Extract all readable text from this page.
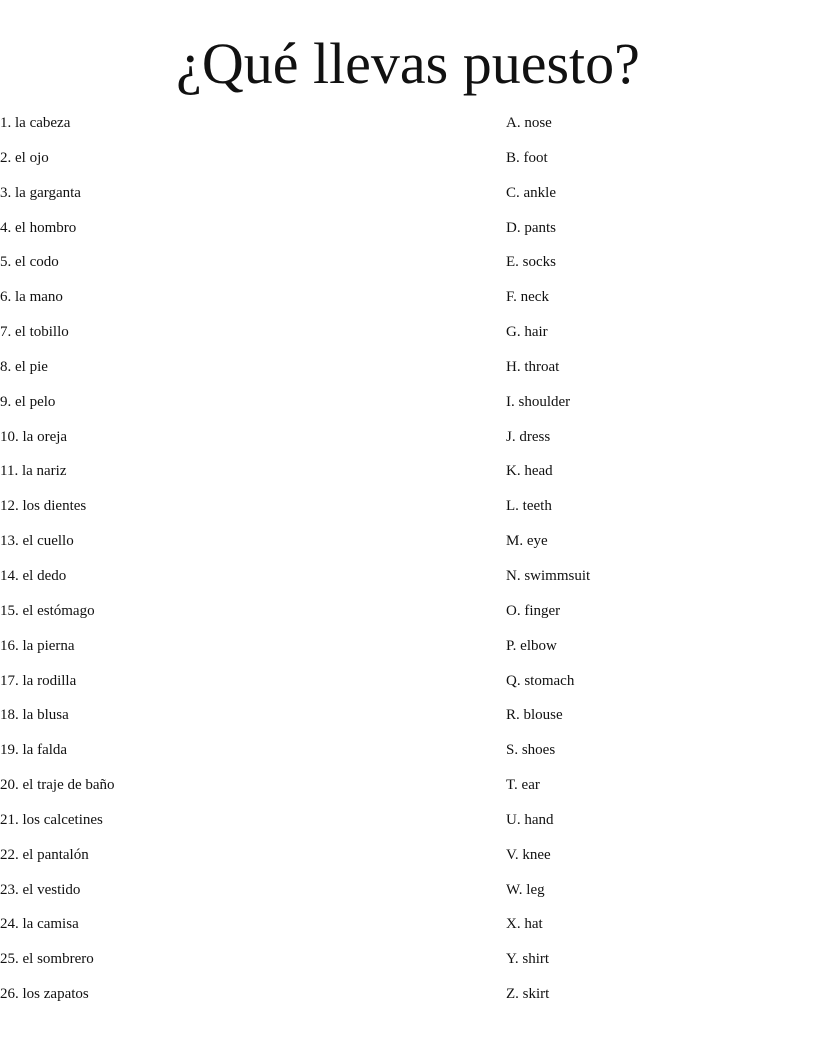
¿Qué llevas puesto?
1. la cabeza
2. el ojo
3. la garganta
4. el hombro
5. el codo
6. la mano
7. el tobillo
8. el pie
9. el pelo
10. la oreja
11. la nariz
12. los dientes
13. el cuello
14. el dedo
15. el estómago
16. la pierna
17. la rodilla
18. la blusa
19. la falda
20. el traje de baño
21. los calcetines
22. el pantalón
23. el vestido
24. la camisa
25. el sombrero
26. los zapatos
A. nose
B. foot
C. ankle
D. pants
E. socks
F. neck
G. hair
H. throat
I. shoulder
J. dress
K. head
L. teeth
M. eye
N. swimmsuit
O. finger
P. elbow
Q. stomach
R. blouse
S. shoes
T. ear
U. hand
V. knee
W. leg
X. hat
Y. shirt
Z. skirt
